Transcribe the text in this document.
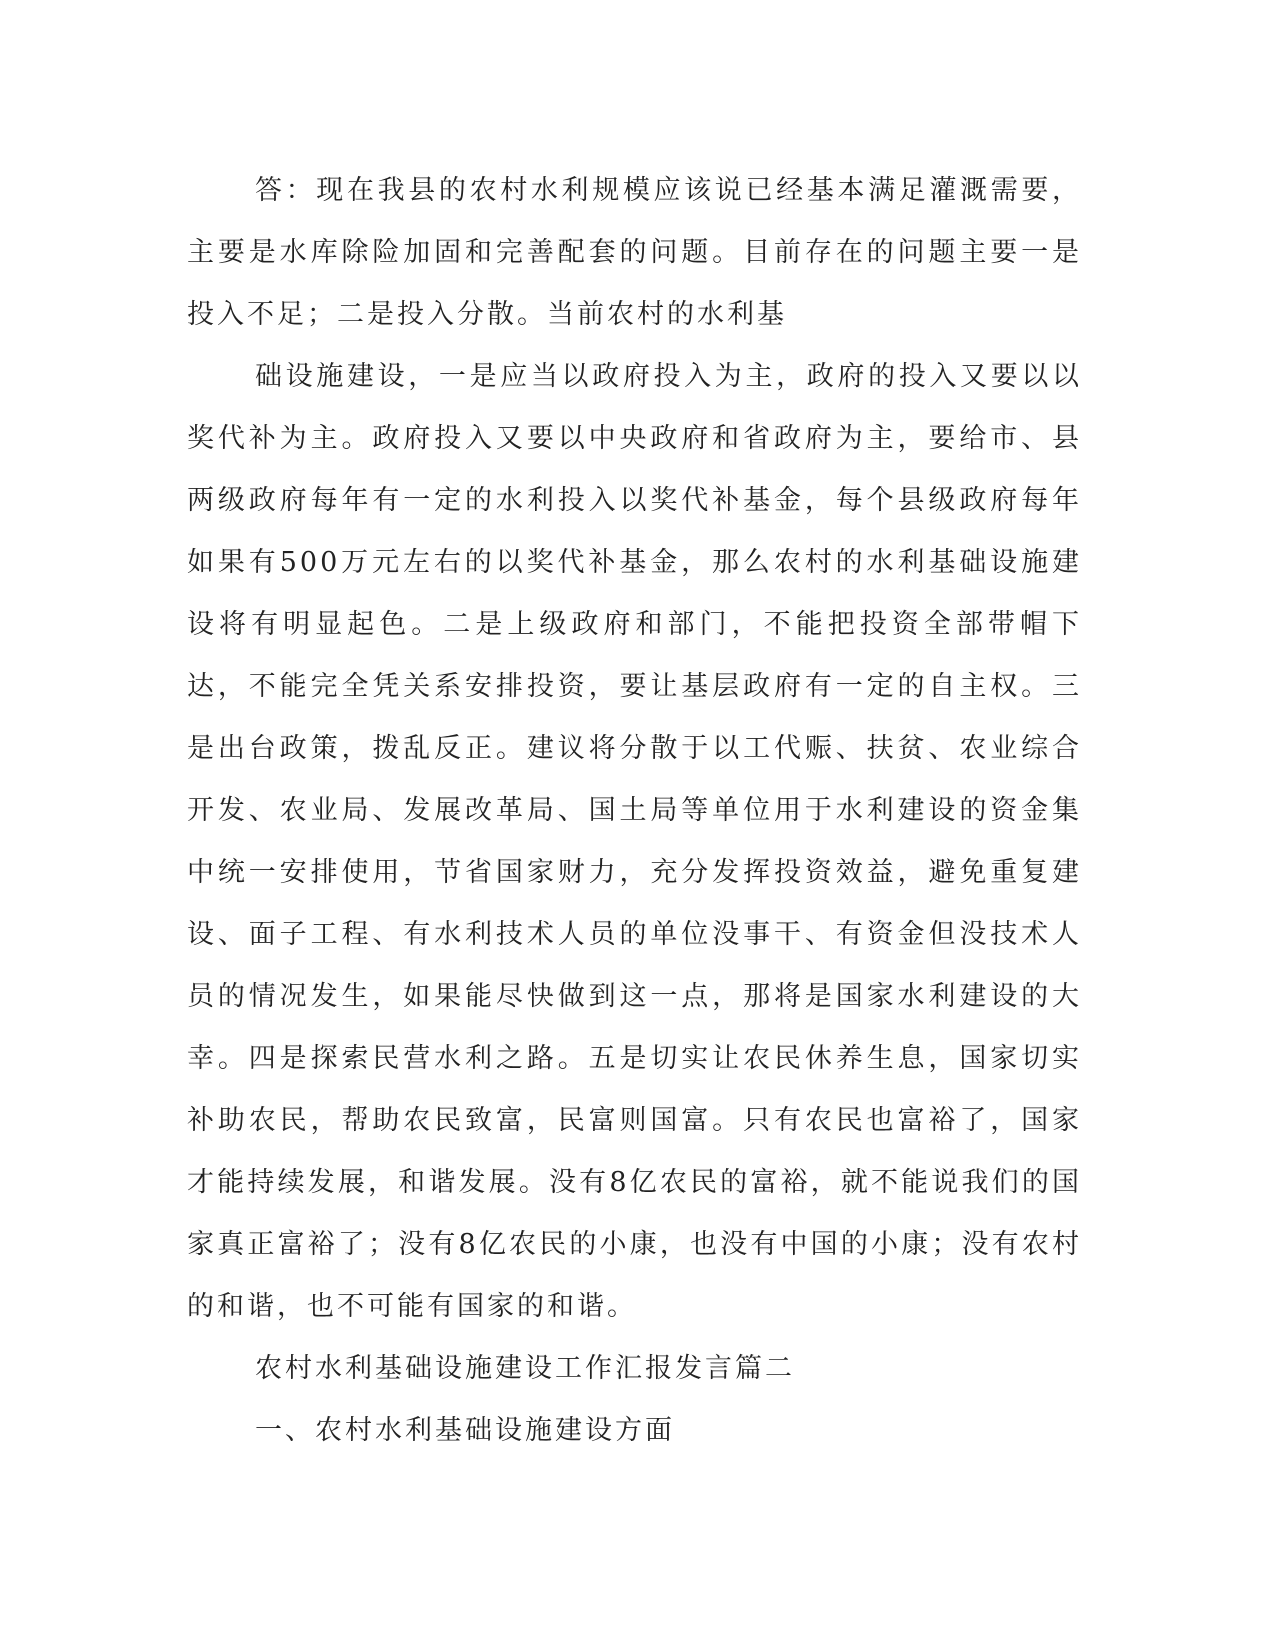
答：现在我县的农村水利规模应该说已经基本满足灌溉需要，主要是水库除险加固和完善配套的问题。目前存在的问题主要一是投入不足；二是投入分散。当前农村的水利基

础设施建设，一是应当以政府投入为主，政府的投入又要以以奖代补为主。政府投入又要以中央政府和省政府为主，要给市、县两级政府每年有一定的水利投入以奖代补基金，每个县级政府每年如果有500万元左右的以奖代补基金，那么农村的水利基础设施建设将有明显起色。二是上级政府和部门，不能把投资全部带帽下达，不能完全凭关系安排投资，要让基层政府有一定的自主权。三是出台政策，拨乱反正。建议将分散于以工代赈、扶贫、农业综合开发、农业局、发展改革局、国土局等单位用于水利建设的资金集中统一安排使用，节省国家财力，充分发挥投资效益，避免重复建设、面子工程、有水利技术人员的单位没事干、有资金但没技术人员的情况发生，如果能尽快做到这一点，那将是国家水利建设的大幸。四是探索民营水利之路。五是切实让农民休养生息，国家切实补助农民，帮助农民致富，民富则国富。只有农民也富裕了，国家才能持续发展，和谐发展。没有8亿农民的富裕，就不能说我们的国家真正富裕了；没有8亿农民的小康，也没有中国的小康；没有农村的和谐，也不可能有国家的和谐。

农村水利基础设施建设工作汇报发言篇二

一、农村水利基础设施建设方面
